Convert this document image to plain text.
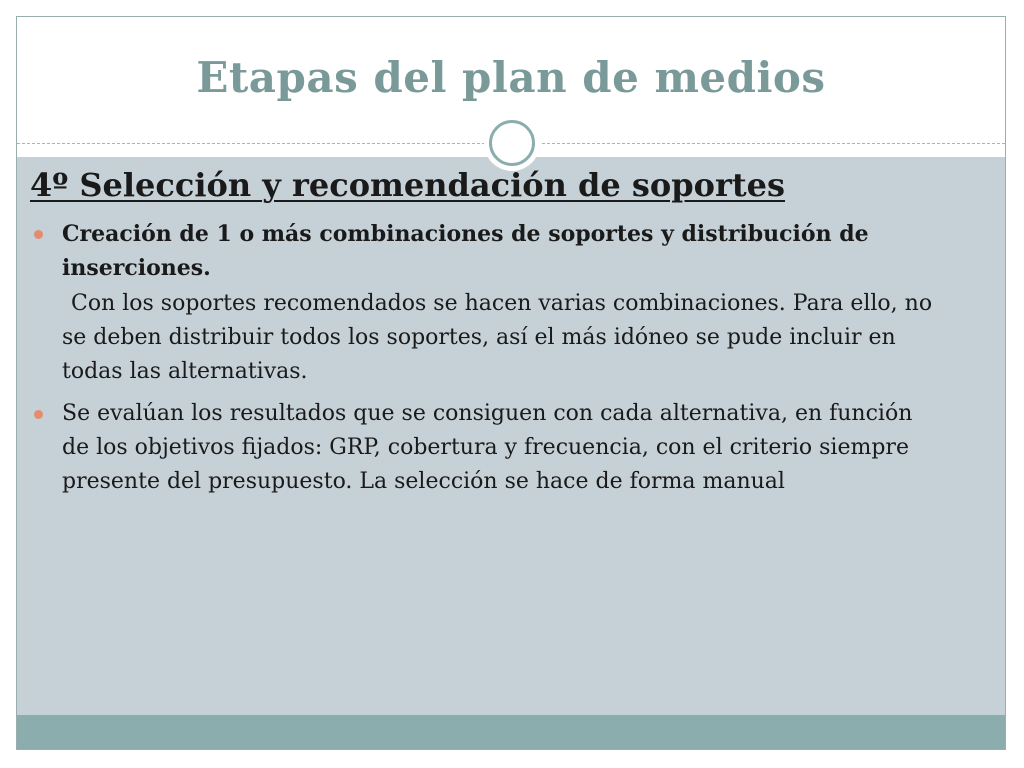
Etapas del plan de medios
4º Selección y recomendación de soportes
Creación de 1 o más combinaciones de soportes y distribución de inserciones.
Con los soportes recomendados se hacen varias combinaciones. Para ello, no se deben distribuir todos los soportes, así el más idóneo se pude incluir en todas las alternativas.
Se evalúan los resultados que se consiguen con cada alternativa, en función de los objetivos fijados: GRP, cobertura y frecuencia, con el criterio siempre presente del presupuesto. La selección se hace de forma manual
